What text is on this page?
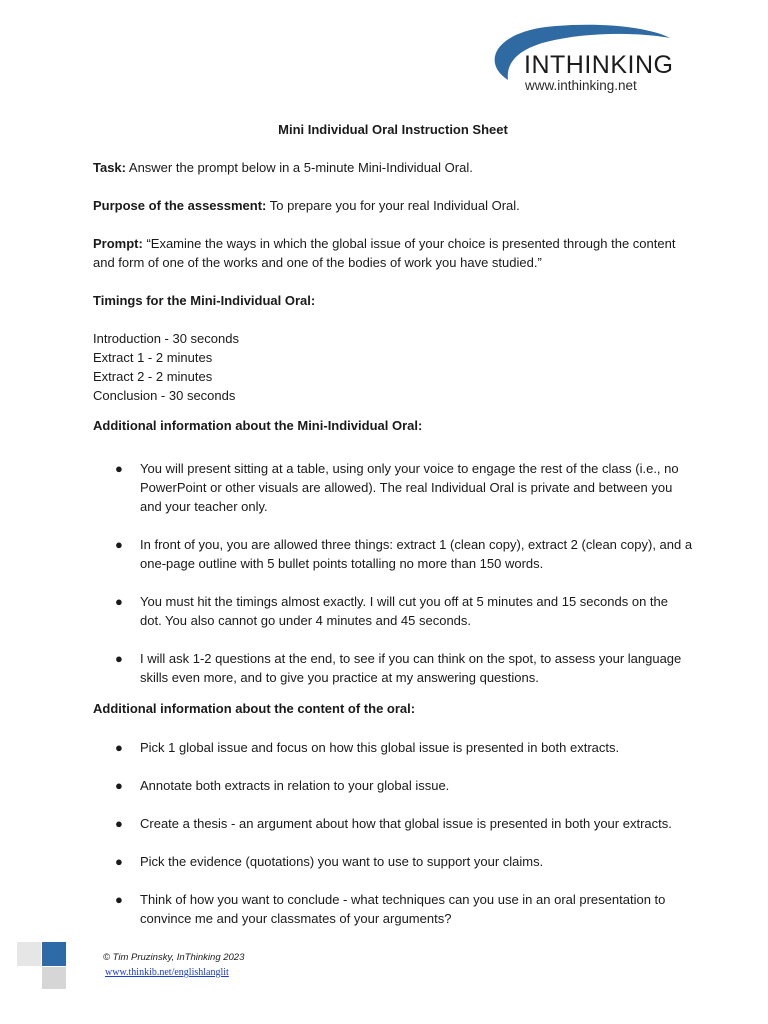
INTHINKING
www.inthinking.net

Mini Individual Oral Instruction Sheet

Task: Answer the prompt below in a 5-minute Mini-Individual Oral.

Purpose of the assessment: To prepare you for your real Individual Oral.

Prompt: “Examine the ways in which the global issue of your choice is presented through the content and form of one of the works and one of the bodies of work you have studied.”

Timings for the Mini-Individual Oral:

Introduction - 30 seconds
Extract 1 - 2 minutes
Extract 2 - 2 minutes
Conclusion - 30 seconds

Additional information about the Mini-Individual Oral:

● You will present sitting at a table, using only your voice to engage the rest of the class (i.e., no PowerPoint or other visuals are allowed). The real Individual Oral is private and between you and your teacher only.
● In front of you, you are allowed three things: extract 1 (clean copy), extract 2 (clean copy), and a one-page outline with 5 bullet points totalling no more than 150 words.
● You must hit the timings almost exactly. I will cut you off at 5 minutes and 15 seconds on the dot. You also cannot go under 4 minutes and 45 seconds.
● I will ask 1-2 questions at the end, to see if you can think on the spot, to assess your language skills even more, and to give you practice at my answering questions.

Additional information about the content of the oral:

● Pick 1 global issue and focus on how this global issue is presented in both extracts.
● Annotate both extracts in relation to your global issue.
● Create a thesis - an argument about how that global issue is presented in both your extracts.
● Pick the evidence (quotations) you want to use to support your claims.
● Think of how you want to conclude - what techniques can you use in an oral presentation to convince me and your classmates of your arguments?
© Tim Pruzinsky, InThinking 2023
www.thinkib.net/englishlanglit
